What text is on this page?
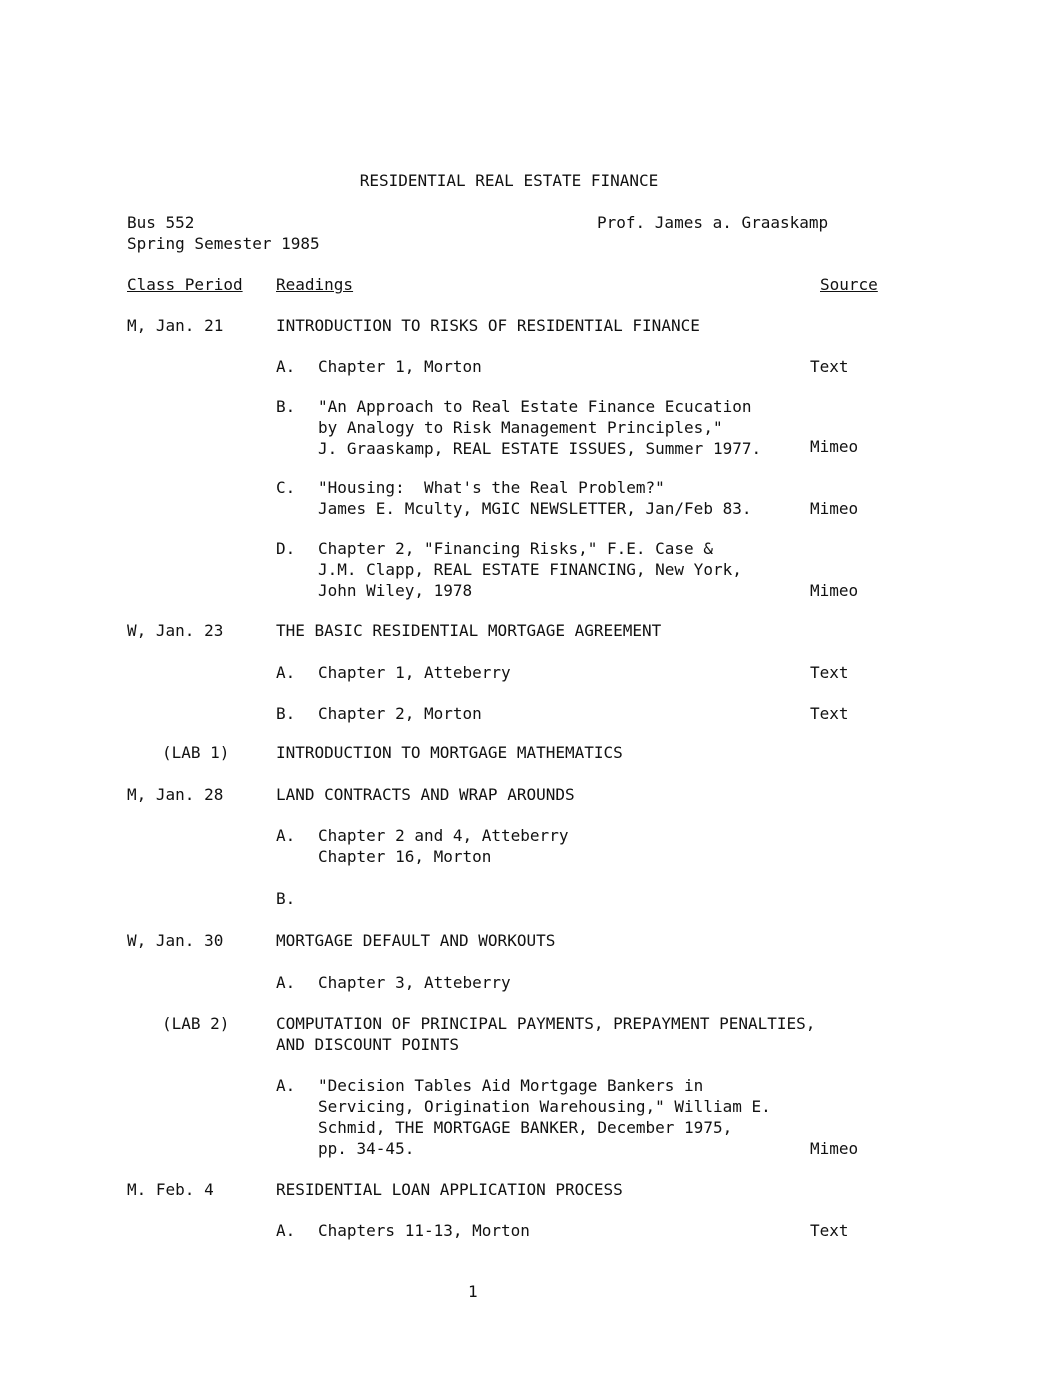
RESIDENTIAL REAL ESTATE FINANCE
Bus 552
Spring Semester 1985
Prof. James a. Graaskamp
Class Period Readings	Source
M, Jan. 21	INTRODUCTION TO RISKS OF RESIDENTIAL FINANCE
A. Chapter 1, Morton	Text
B. "An Approach to Real Estate Finance Ecucation
by Analogy to Risk Management Principles,"
J. Graaskamp, REAL ESTATE ISSUES, Summer 1977.	Mimeo
C. "Housing:  What's the Real Problem?"
James E. Mculty, MGIC NEWSLETTER, Jan/Feb 83.	Mimeo
D. Chapter 2, "Financing Risks," F.E. Case &
J.M. Clapp, REAL ESTATE FINANCING, New York,
John Wiley, 1978	Mimeo
W, Jan. 23	THE BASIC RESIDENTIAL MORTGAGE AGREEMENT
A. Chapter 1, Atteberry	Text
B. Chapter 2, Morton	Text
(LAB 1)	INTRODUCTION TO MORTGAGE MATHEMATICS
M, Jan. 28	LAND CONTRACTS AND WRAP AROUNDS
A. Chapter 2 and 4, Atteberry
Chapter 16, Morton
B.
W, Jan. 30	MORTGAGE DEFAULT AND WORKOUTS
A. Chapter 3, Atteberry
(LAB 2)	COMPUTATION OF PRINCIPAL PAYMENTS, PREPAYMENT PENALTIES,
AND DISCOUNT POINTS
A. "Decision Tables Aid Mortgage Bankers in
Servicing, Origination Warehousing," William E.
Schmid, THE MORTGAGE BANKER, December 1975,
pp. 34-45.	Mimeo
M. Feb. 4	RESIDENTIAL LOAN APPLICATION PROCESS
A. Chapters 11-13, Morton	Text
1
